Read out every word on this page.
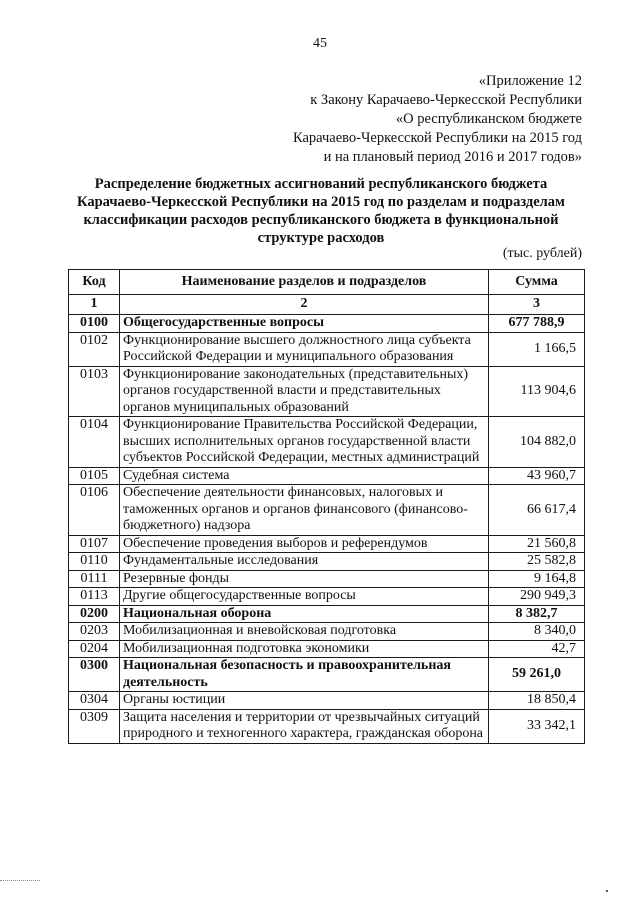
45
«Приложение 12
к Закону Карачаево-Черкесской Республики
«О республиканском бюджете
Карачаево-Черкесской Республики на 2015 год
и на плановый период 2016 и 2017 годов»
Распределение бюджетных ассигнований республиканского бюджета
Карачаево-Черкесской Республики на 2015 год по разделам и подразделам
классификации расходов республиканского бюджета в функциональной
структуре расходов
(тыс. рублей)
Код	Наименование разделов и подразделов	Сумма
1	2	3
0100	Общегосударственные вопросы	677 788,9
0102	Функционирование высшего должностного лица субъекта Российской Федерации и муниципального образования	1 166,5
0103	Функционирование законодательных (представительных) органов государственной власти и представительных органов муниципальных образований	113 904,6
0104	Функционирование Правительства Российской Федерации, высших исполнительных органов государственной власти субъектов Российской Федерации, местных администраций	104 882,0
0105	Судебная система	43 960,7
0106	Обеспечение деятельности финансовых, налоговых и таможенных органов и органов финансового (финансово-бюджетного) надзора	66 617,4
0107	Обеспечение проведения выборов и референдумов	21 560,8
0110	Фундаментальные исследования	25 582,8
0111	Резервные фонды	9 164,8
0113	Другие общегосударственные вопросы	290 949,3
0200	Национальная оборона	8 382,7
0203	Мобилизационная и вневойсковая подготовка	8 340,0
0204	Мобилизационная подготовка экономики	42,7
0300	Национальная безопасность и правоохранительная деятельность	59 261,0
0304	Органы юстиции	18 850,4
0309	Защита населения и территории от чрезвычайных ситуаций природного и техногенного характера, гражданская оборона	33 342,1
